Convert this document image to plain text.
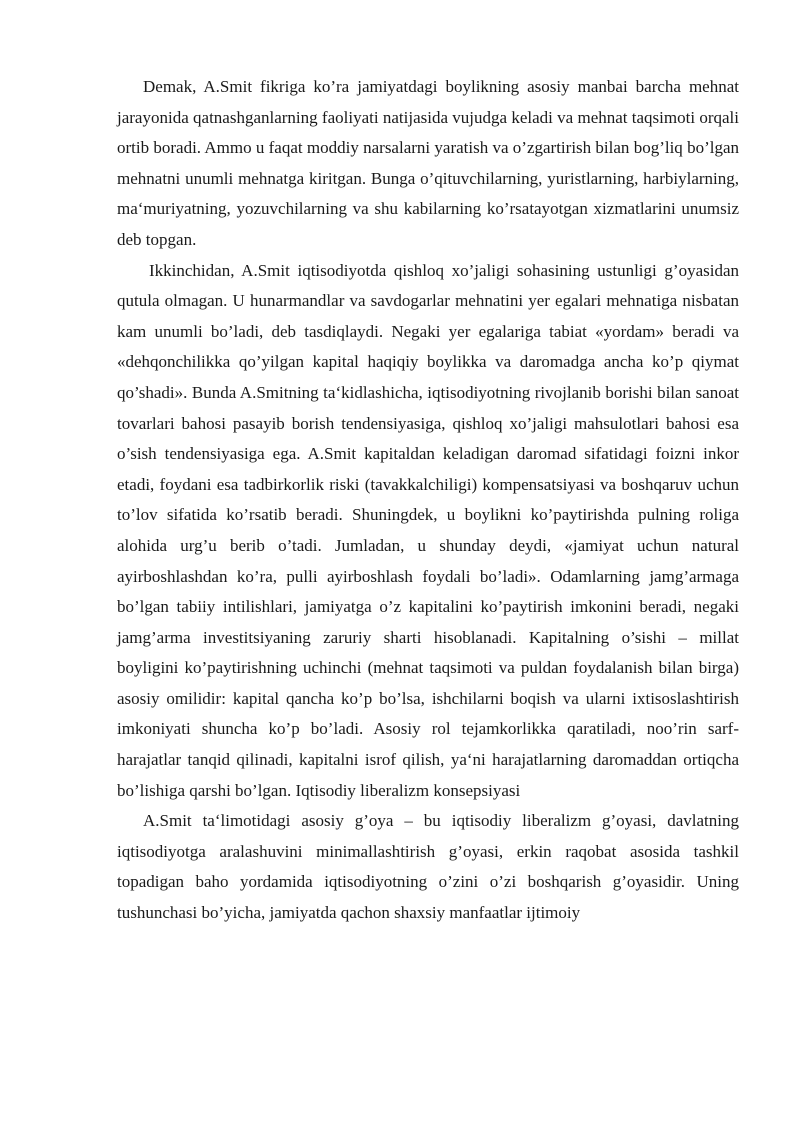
Demak, A.Smit fikriga ko’ra jamiyatdagi boylikning asosiy manbai barcha mehnat jarayonida qatnashganlarning faoliyati natijasida vujudga keladi va mehnat taqsimoti orqali ortib boradi. Ammo u faqat moddiy narsalarni yaratish va o’zgartirish bilan bog’liq bo’lgan mehnatni unumli mehnatga kiritgan. Bunga o’qituvchilarning, yuristlarning, harbiylarning, ma‘muriyatning, yozuvchilarning va shu kabilarning ko’rsatayotgan xizmatlarini unumsiz deb topgan.

Ikkinchidan, A.Smit iqtisodiyotda qishloq xo’jaligi sohasining ustunligi g’oyasidan qutula olmagan. U hunarmandlar va savdogarlar mehnatini yer egalari mehnatiga nisbatan kam unumli bo’ladi, deb tasdiqlaydi. Negaki yer egalariga tabiat «yordam» beradi va «dehqonchilikka qo’yilgan kapital haqiqiy boylikka va daromadga ancha ko’p qiymat qo’shadi». Bunda A.Smitning ta‘kidlashicha, iqtisodiyotning rivojlanib borishi bilan sanoat tovarlari bahosi pasayib borish tendensiyasiga, qishloq xo’jaligi mahsulotlari bahosi esa o’sish tendensiyasiga ega. A.Smit kapitaldan keladigan daromad sifatidagi foizni inkor etadi, foydani esa tadbirkorlik riski (tavakkalchiligi) kompensatsiyasi va boshqaruv uchun to’lov sifatida ko’rsatib beradi. Shuningdek, u boylikni ko’paytirishda pulning roliga alohida urg’u berib o’tadi. Jumladan, u shunday deydi, «jamiyat uchun natural ayirboshlashdan ko’ra, pulli ayirboshlash foydali bo’ladi». Odamlarning jamg’armaga bo’lgan tabiiy intilishlari, jamiyatga o’z kapitalini ko’paytirish imkonini beradi, negaki jamg’arma investitsiyaning zaruriy sharti hisoblanadi. Kapitalning o’sishi – millat boyligini ko’paytirishning uchinchi (mehnat taqsimoti va puldan foydalanish bilan birga) asosiy omilidir: kapital qancha ko’p bo’lsa, ishchilarni boqish va ularni ixtisoslashtirish imkoniyati shuncha ko’p bo’ladi. Asosiy rol tejamkorlikka qaratiladi, noo’rin sarf-harajatlar tanqid qilinadi, kapitalni isrof qilish, ya‘ni harajatlarning daromaddan ortiqcha bo’lishiga qarshi bo’lgan. Iqtisodiy liberalizm konsepsiyasi

A.Smit ta‘limotidagi asosiy g’oya – bu iqtisodiy liberalizm g’oyasi, davlatning iqtisodiyotga aralashuvini minimallashtirish g’oyasi, erkin raqobat asosida tashkil topadigan baho yordamida iqtisodiyotning o’zini o’zi boshqarish g’oyasidir. Uning tushunchasi bo’yicha, jamiyatda qachon shaxsiy manfaatlar ijtimoiy
